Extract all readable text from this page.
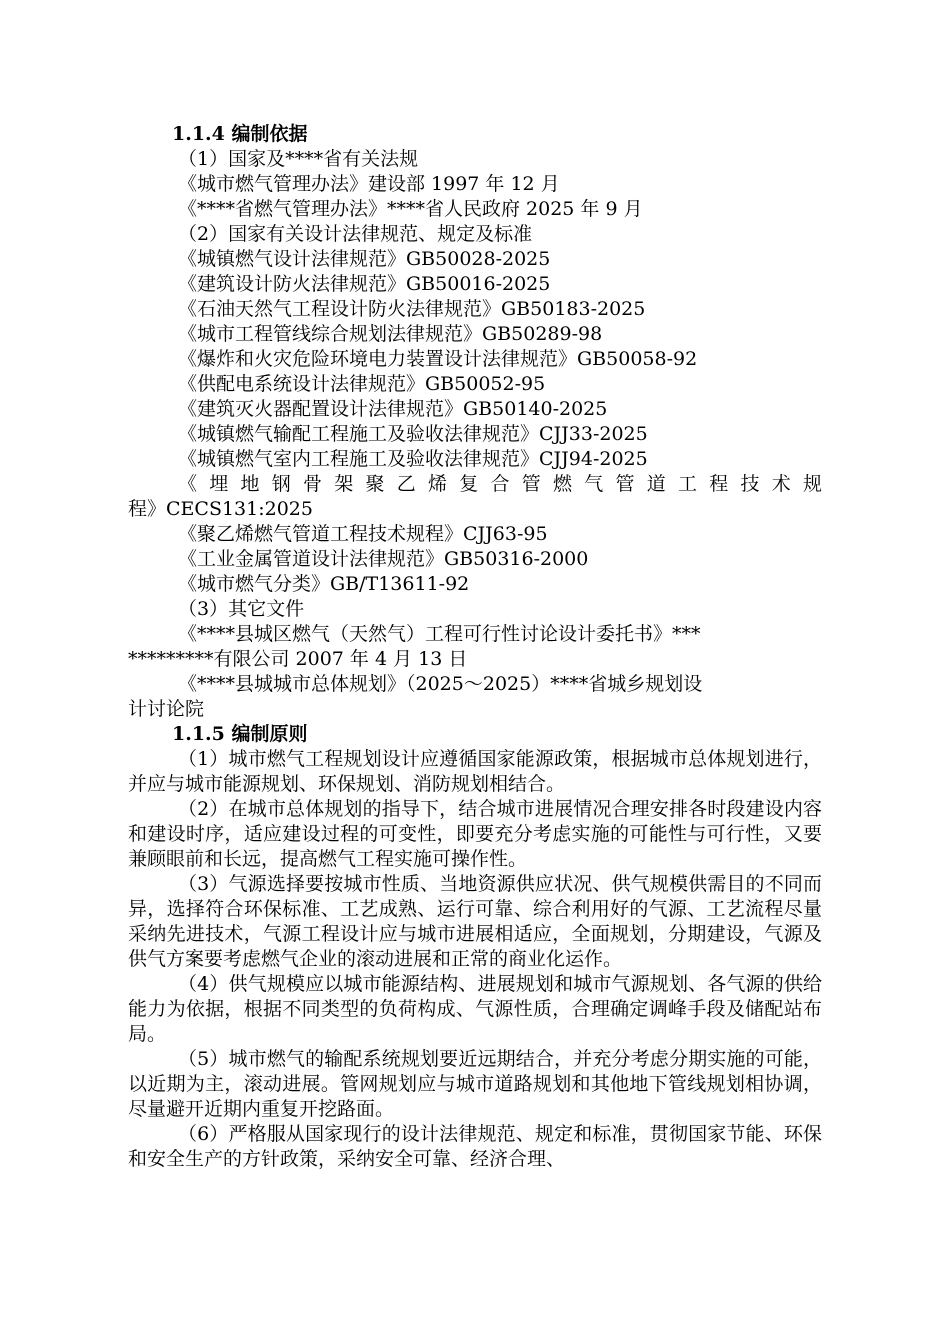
1.1.4 编制依据
（1）国家及****省有关法规
《城市燃气管理办法》建设部 1997 年 12 月
《****省燃气管理办法》****省人民政府 2025 年 9 月
（2）国家有关设计法律规范、规定及标准
《城镇燃气设计法律规范》GB50028-2025
《建筑设计防火法律规范》GB50016-2025
《石油天然气工程设计防火法律规范》GB50183-2025
《城市工程管线综合规划法律规范》GB50289-98
《爆炸和火灾危险环境电力装置设计法律规范》GB50058-92
《供配电系统设计法律规范》GB50052-95
《建筑灭火器配置设计法律规范》GB50140-2025
《城镇燃气输配工程施工及验收法律规范》CJJ33-2025
《城镇燃气室内工程施工及验收法律规范》CJJ94-2025
《埋地钢骨架聚乙烯复合管燃气管道工程技术规
程》CECS131:2025
《聚乙烯燃气管道工程技术规程》CJJ63-95
《工业金属管道设计法律规范》GB50316-2000
《城市燃气分类》GB/T13611-92
（3）其它文件
《****县城区燃气（天然气）工程可行性讨论设计委托书》***
*********有限公司 2007 年 4 月 13 日
《****县城城市总体规划》（2025～2025）****省城乡规划设
计讨论院
1.1.5 编制原则

（1）城市燃气工程规划设计应遵循国家能源政策，根据城市总体规划进行，并应与城市能源规划、环保规划、消防规划相结合。

（2）在城市总体规划的指导下，结合城市进展情况合理安排各时段建设内容和建设时序，适应建设过程的可变性，即要充分考虑实施的可能性与可行性，又要兼顾眼前和长远，提高燃气工程实施可操作性。

（3）气源选择要按城市性质、当地资源供应状况、供气规模供需目的不同而异，选择符合环保标准、工艺成熟、运行可靠、综合利用好的气源、工艺流程尽量采纳先进技术，气源工程设计应与城市进展相适应，全面规划，分期建设，气源及供气方案要考虑燃气企业的滚动进展和正常的商业化运作。

（4）供气规模应以城市能源结构、进展规划和城市气源规划、各气源的供给能力为依据，根据不同类型的负荷构成、气源性质，合理确定调峰手段及储配站布局。

（5）城市燃气的输配系统规划要近远期结合，并充分考虑分期实施的可能，以近期为主，滚动进展。管网规划应与城市道路规划和其他地下管线规划相协调，尽量避开近期内重复开挖路面。

（6）严格服从国家现行的设计法律规范、规定和标准，贯彻国家节能、环保和安全生产的方针政策，采纳安全可靠、经济合理、
